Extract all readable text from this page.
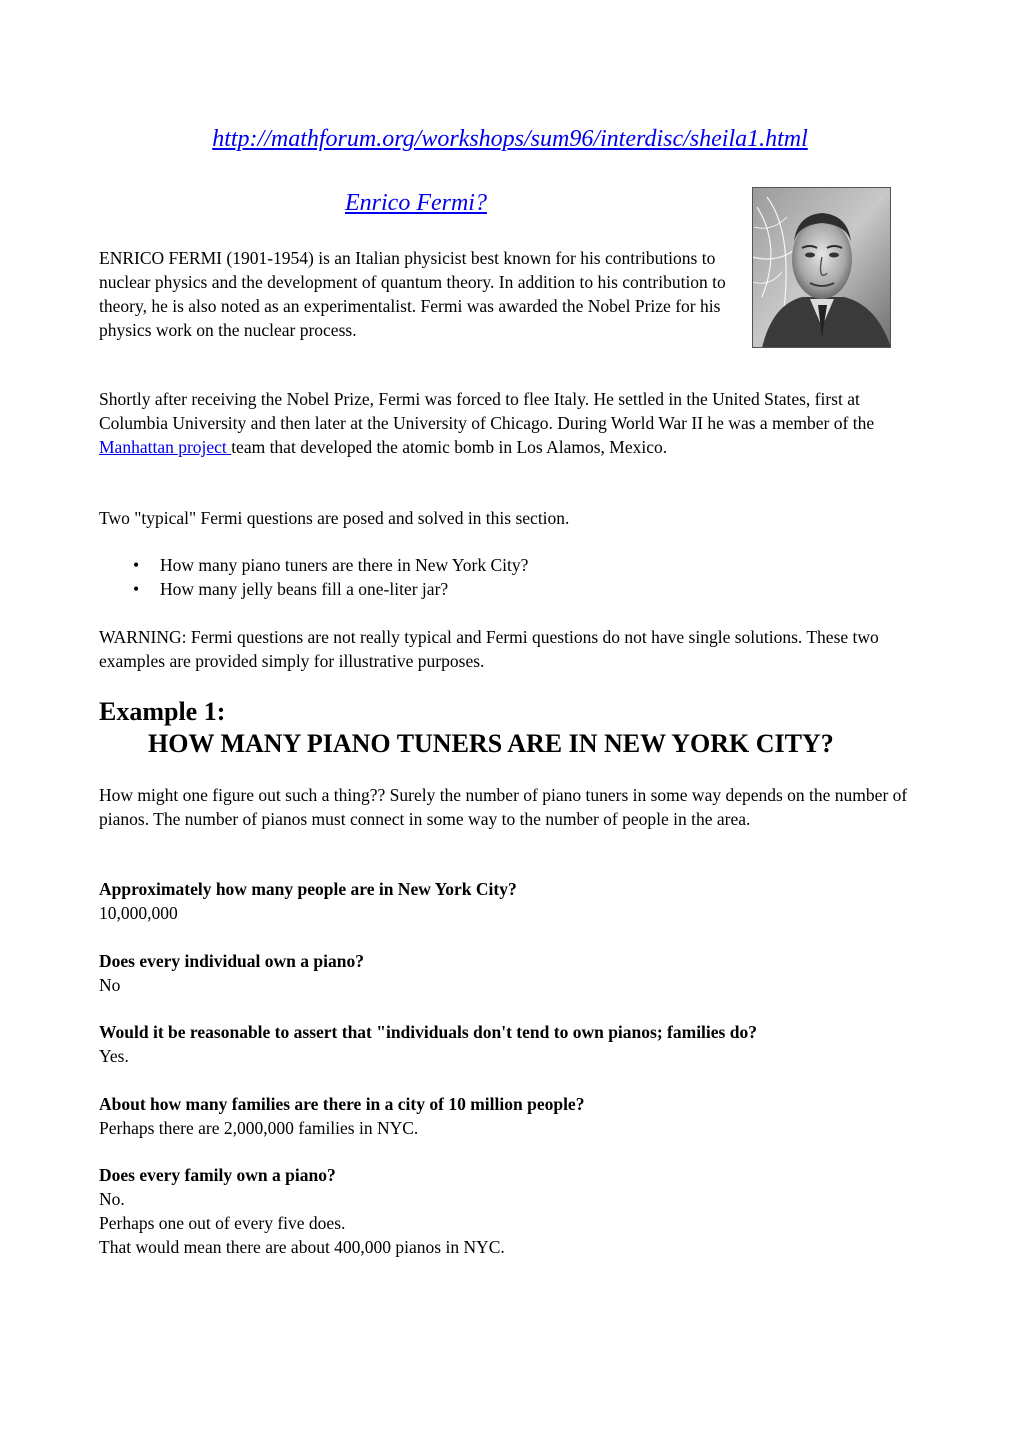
http://mathforum.org/workshops/sum96/interdisc/sheila1.html
Enrico Fermi?
ENRICO FERMI (1901-1954) is an Italian physicist best known for his contributions to nuclear physics and the development of quantum theory. In addition to his contribution to theory, he is also noted as an experimentalist. Fermi was awarded the Nobel Prize for his physics work on the nuclear process.
Shortly after receiving the Nobel Prize, Fermi was forced to flee Italy. He settled in the United States, first at Columbia University and then later at the University of Chicago. During World War II he was a member of the Manhattan project team that developed the atomic bomb in Los Alamos, Mexico.
Two "typical" Fermi questions are posed and solved in this section.
• How many piano tuners are there in New York City?
• How many jelly beans fill a one-liter jar?
WARNING: Fermi questions are not really typical and Fermi questions do not have single solutions. These two examples are provided simply for illustrative purposes.
Example 1:
HOW MANY PIANO TUNERS ARE IN NEW YORK CITY?
How might one figure out such a thing?? Surely the number of piano tuners in some way depends on the number of pianos. The number of pianos must connect in some way to the number of people in the area.
Approximately how many people are in New York City?
10,000,000
Does every individual own a piano?
No
Would it be reasonable to assert that "individuals don't tend to own pianos; families do?
Yes.
About how many families are there in a city of 10 million people?
Perhaps there are 2,000,000 families in NYC.
Does every family own a piano?
No.
Perhaps one out of every five does.
That would mean there are about 400,000 pianos in NYC.
